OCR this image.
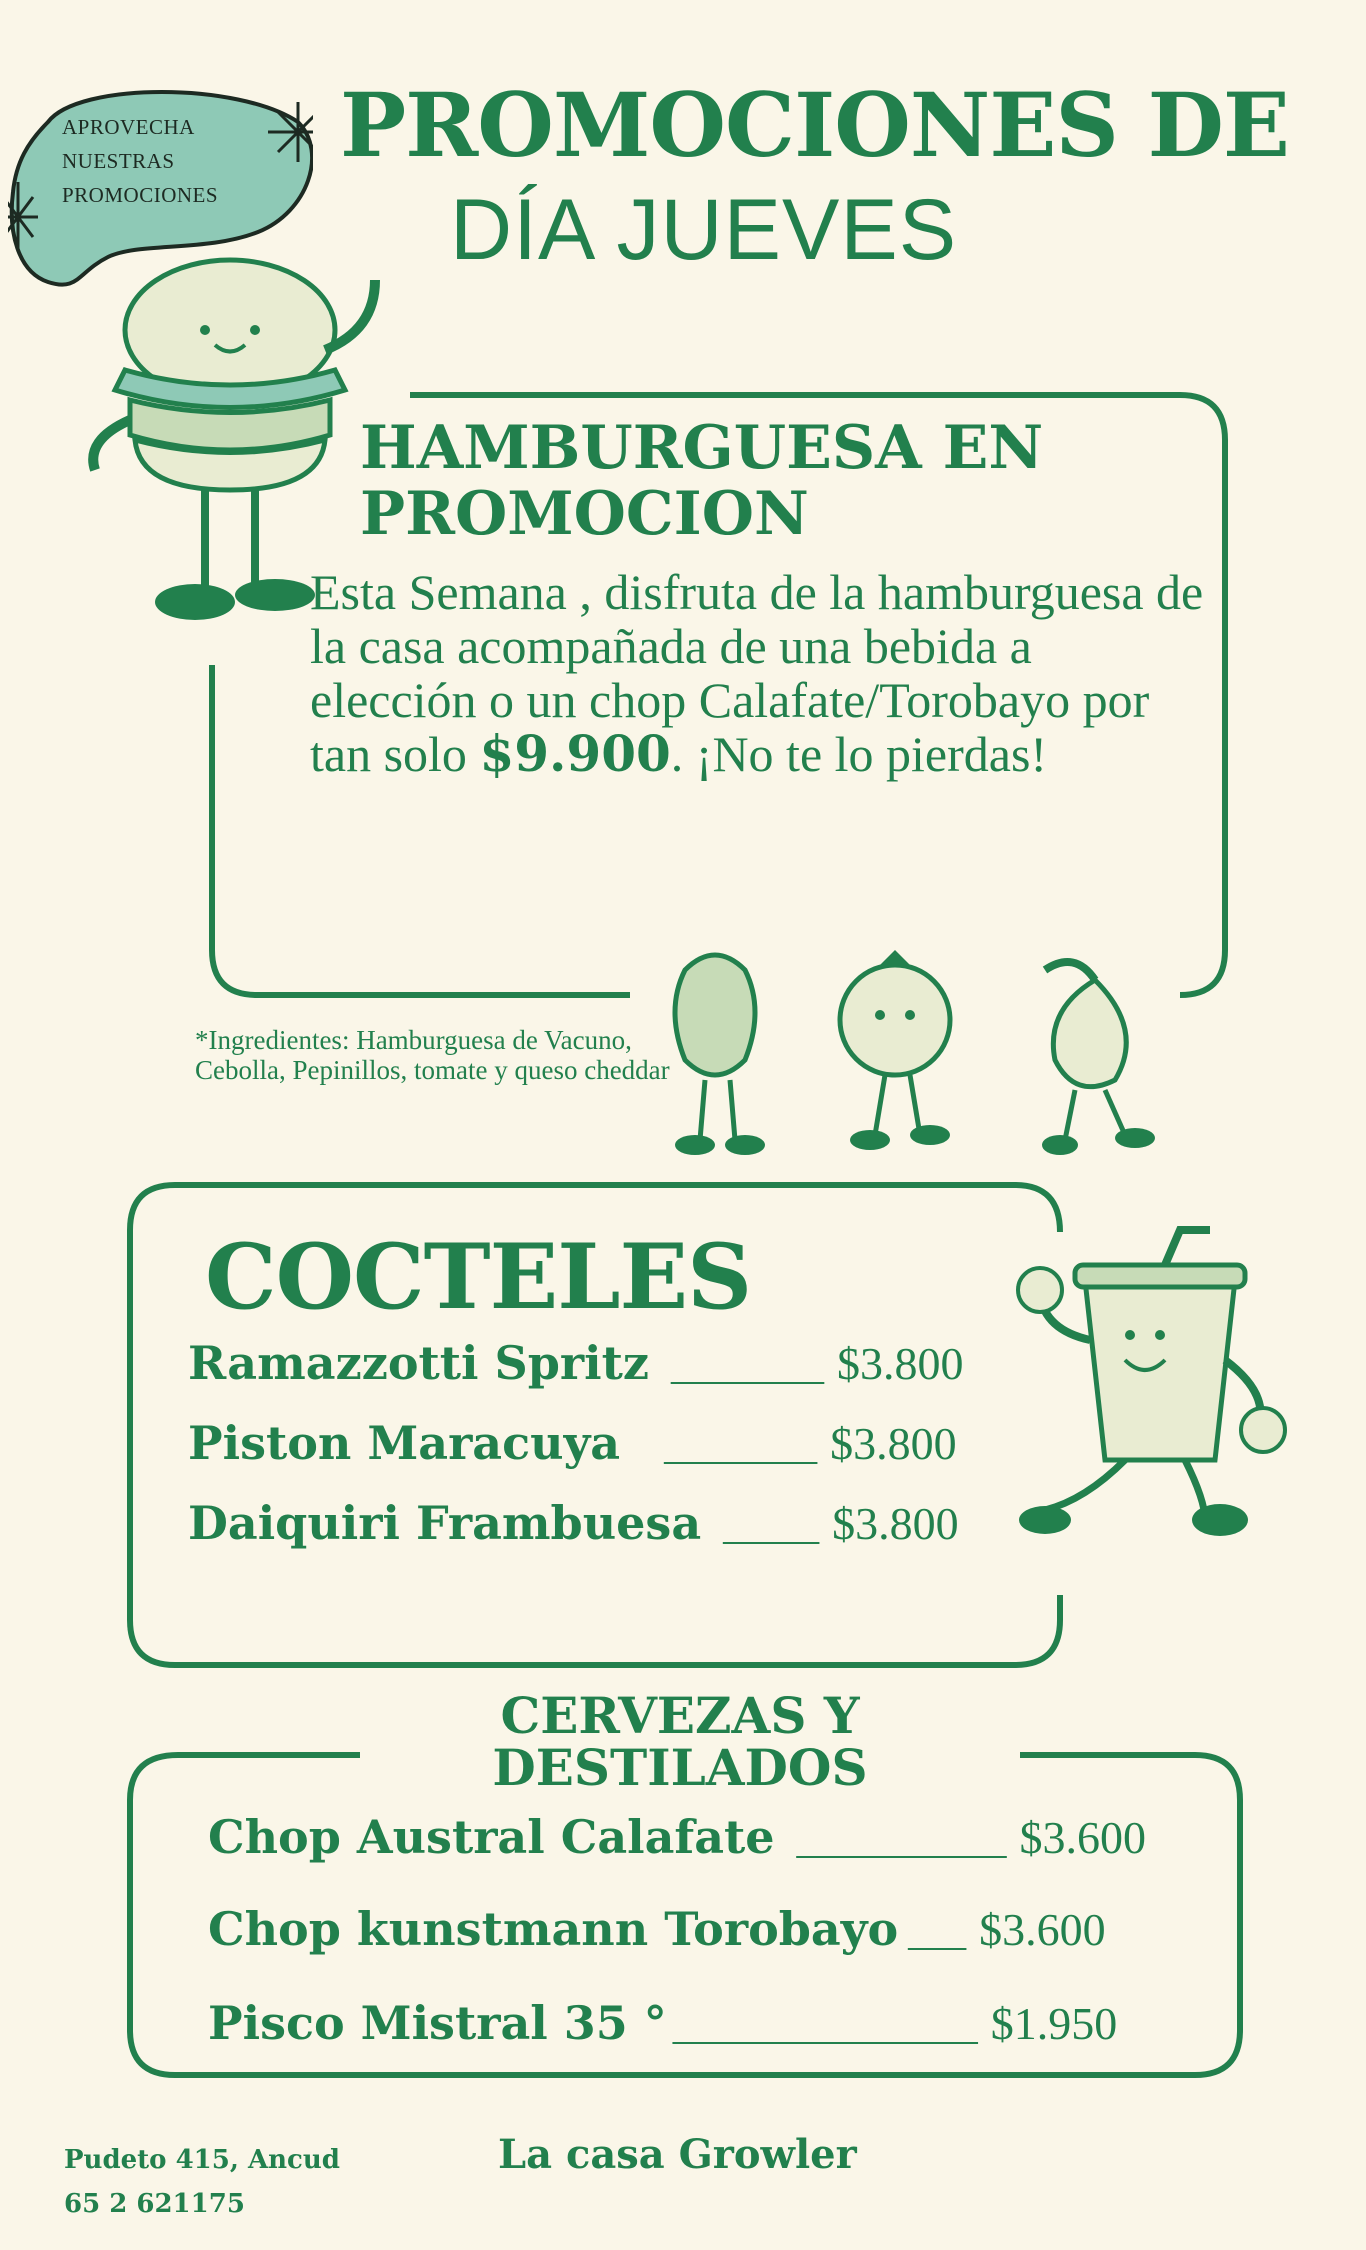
APROVECHA
NUESTRAS
PROMOCIONES
PROMOCIONES DE
DÍA JUEVES
HAMBURGUESA EN
PROMOCION
Esta Semana , disfruta de la hamburguesa de la casa acompañada de una bebida a elección o un chop Calafate/Torobayo por tan solo $9.900. ¡No te lo pierdas!
*Ingredientes: Hamburguesa de Vacuno, Cebolla, Pepinillos, tomate y queso cheddar
COCTELES
Ramazzotti Spritz ________ $3.800
Piston Maracuya ________ $3.800
Daiquiri Frambuesa _____ $3.800
CERVEZAS Y
DESTILADOS
Chop Austral Calafate ___________ $3.600
Chop kunstmann Torobayo ___ $3.600
Pisco Mistral 35 ° ________________ $1.950
Pudeto 415, Ancud
65 2 621175
La casa Growler
